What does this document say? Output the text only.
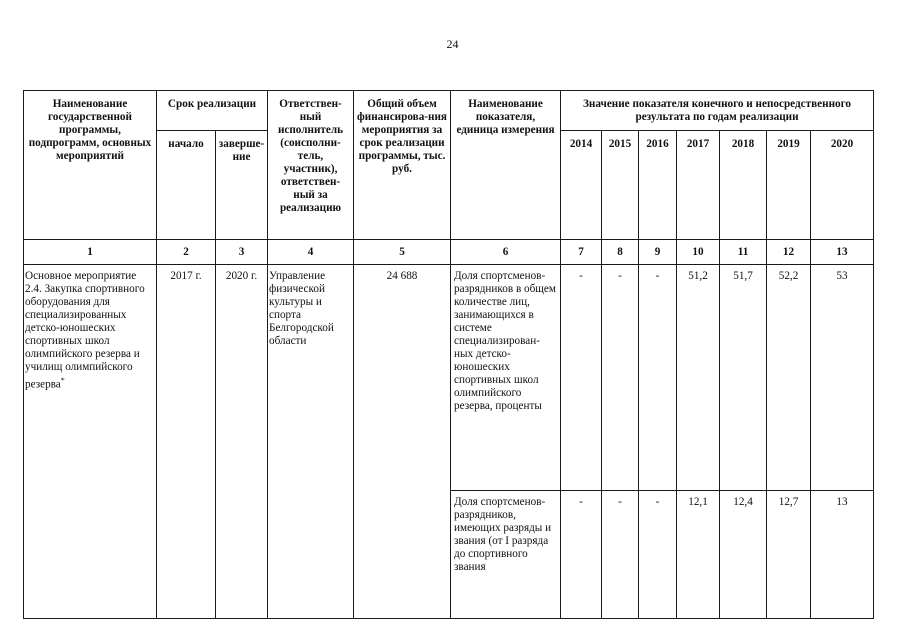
24
Наименование государственной программы, подпрограмм, основных мероприятий	Срок реализации		Ответствен-ный исполнитель (соисполни-тель, участник), ответствен-ный за реализацию	Общий объем финансирова-ния мероприятия за срок реализации программы, тыс. руб.	Наименование показателя, единица измерения	Значение показателя конечного и непосредственного результата по годам реализации						
	начало	заверше-ние				2014	2015	2016	2017	2018	2019	2020
1	2	3	4	5	6	7	8	9	10	11	12	13
Основное мероприятие 2.4. Закупка спортивного оборудования для специализированных детско-юношеских спортивных школ олимпийского резерва и училищ олимпийского резерва*	2017 г.	2020 г.	Управление физической культуры и спорта Белгородской области	24 688	Доля спортсменов-разрядников в общем количестве лиц, занимающихся в системе специализирован-ных детско-юношеских спортивных школ олимпийского резерва, проценты	-	-	-	51,2	51,7	52,2	53
					Доля спортсменов-разрядников, имеющих разряды и звания (от I разряда до спортивного звания	-	-	-	12,1	12,4	12,7	13
